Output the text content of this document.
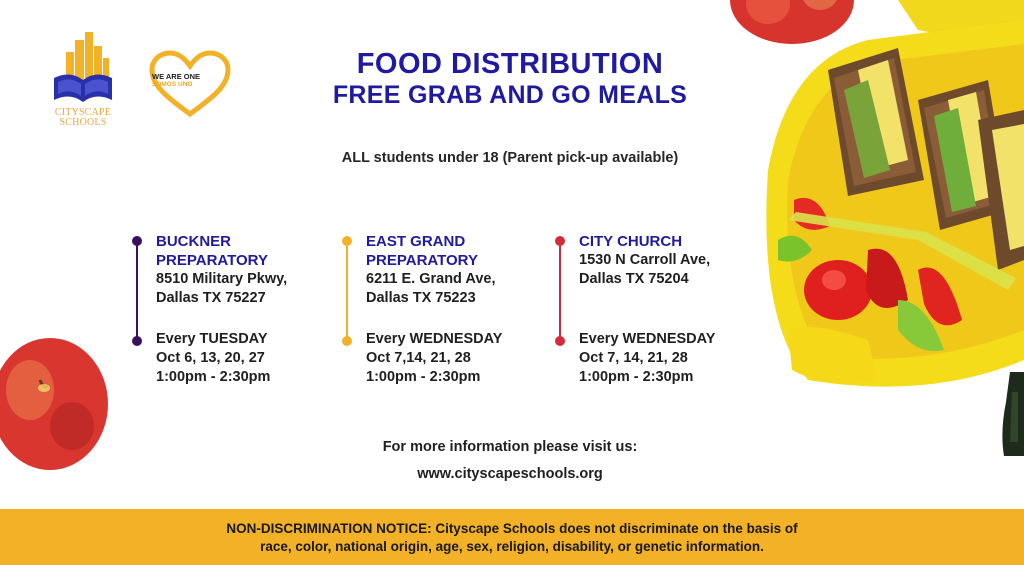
CITYSCAPE SCHOOLS
WE ARE ONE
SOMOS UNO
FOOD DISTRIBUTION
FREE GRAB AND GO MEALS
ALL students under 18 (Parent pick-up available)
BUCKNER
PREPARATORY
8510 Military Pkwy,
Dallas TX 75227
Every TUESDAY
Oct 6, 13, 20, 27
1:00pm - 2:30pm
EAST GRAND
PREPARATORY
6211 E. Grand Ave,
Dallas TX 75223
Every WEDNESDAY
Oct 7,14, 21, 28
1:00pm - 2:30pm
CITY CHURCH
1530 N Carroll Ave,
Dallas TX 75204
Every WEDNESDAY
Oct 7, 14, 21, 28
1:00pm - 2:30pm
For more information please visit us:
www.cityscapeschools.org

NON-DISCRIMINATION NOTICE: Cityscape Schools does not discriminate on the basis of
race, color, national origin, age, sex, religion, disability, or genetic information.
